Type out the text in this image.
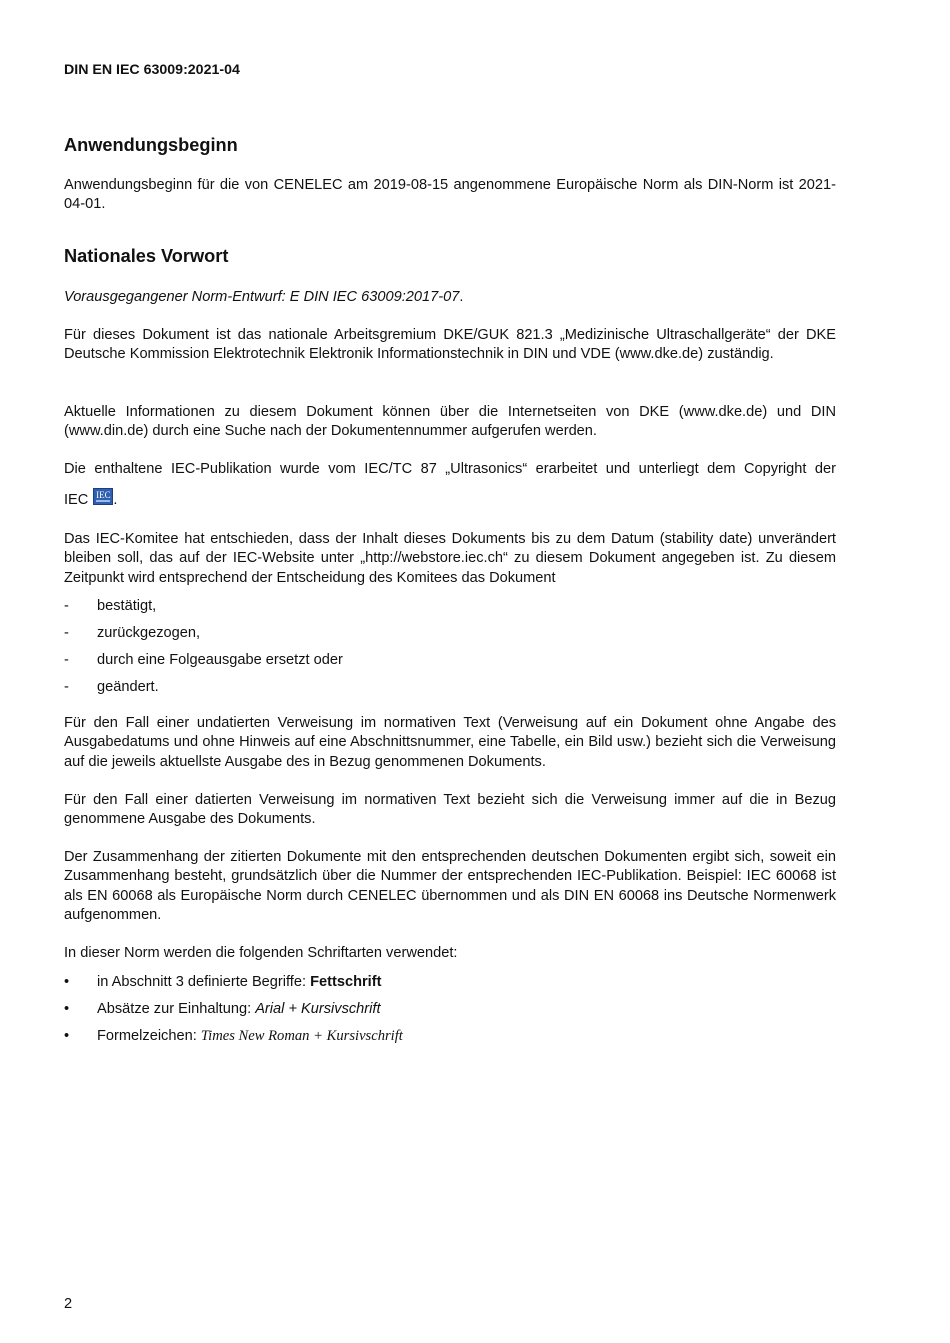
DIN EN IEC 63009:2021-04
Anwendungsbeginn

Anwendungsbeginn für die von CENELEC am 2019-08-15 angenommene Europäische Norm als DIN-Norm ist 2021-04-01.

Nationales Vorwort

Vorausgegangener Norm-Entwurf: E DIN IEC 63009:2017-07.

Für dieses Dokument ist das nationale Arbeitsgremium DKE/GUK 821.3 „Medizinische Ultraschallgeräte“ der DKE Deutsche Kommission Elektrotechnik Elektronik Informationstechnik in DIN und VDE (www.dke.de) zuständig.

Aktuelle Informationen zu diesem Dokument können über die Internetseiten von DKE (www.dke.de) und DIN (www.din.de) durch eine Suche nach der Dokumentennummer aufgerufen werden.

Die enthaltene IEC-Publikation wurde vom IEC/TC 87 „Ultrasonics“ erarbeitet und unterliegt dem Copyright der

IEC IEC .

Das IEC-Komitee hat entschieden, dass der Inhalt dieses Dokuments bis zu dem Datum (stability date) unverändert bleiben soll, das auf der IEC-Website unter „http://webstore.iec.ch“ zu diesem Dokument angegeben ist. Zu diesem Zeitpunkt wird entsprechend der Entscheidung des Komitees das Dokument

- bestätigt,
- zurückgezogen,
- durch eine Folgeausgabe ersetzt oder
- geändert.

Für den Fall einer undatierten Verweisung im normativen Text (Verweisung auf ein Dokument ohne Angabe des Ausgabedatums und ohne Hinweis auf eine Abschnittsnummer, eine Tabelle, ein Bild usw.) bezieht sich die Verweisung auf die jeweils aktuellste Ausgabe des in Bezug genommenen Dokuments.

Für den Fall einer datierten Verweisung im normativen Text bezieht sich die Verweisung immer auf die in Bezug genommene Ausgabe des Dokuments.

Der Zusammenhang der zitierten Dokumente mit den entsprechenden deutschen Dokumenten ergibt sich, soweit ein Zusammenhang besteht, grundsätzlich über die Nummer der entsprechenden IEC-Publikation. Beispiel: IEC 60068 ist als EN 60068 als Europäische Norm durch CENELEC übernommen und als DIN EN 60068 ins Deutsche Normenwerk aufgenommen.

In dieser Norm werden die folgenden Schriftarten verwendet:

• in Abschnitt 3 definierte Begriffe: Fettschrift
• Absätze zur Einhaltung: Arial + Kursivschrift
• Formelzeichen: Times New Roman + Kursivschrift
2
